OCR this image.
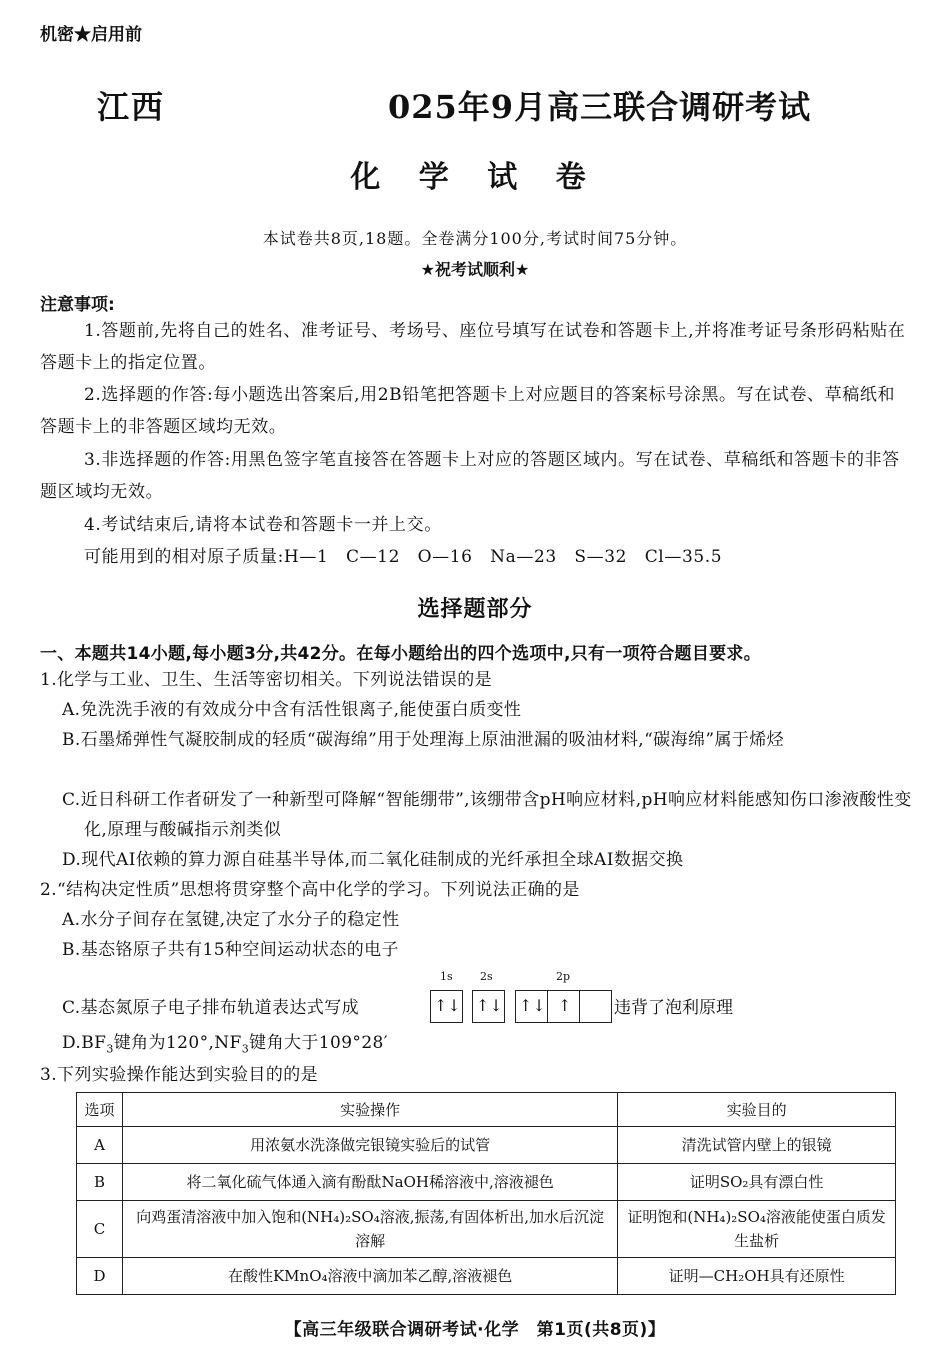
机密★启用前
江西	025年9月高三联合调研考试
化 学 试 卷
本试卷共8页,18题。全卷满分100分,考试时间75分钟。
★祝考试顺利★
注意事项:
1.答题前,先将自己的姓名、准考证号、考场号、座位号填写在试卷和答题卡上,并将准考证号条形码粘贴在答题卡上的指定位置。
2.选择题的作答:每小题选出答案后,用2B铅笔把答题卡上对应题目的答案标号涂黑。写在试卷、草稿纸和答题卡上的非答题区域均无效。
3.非选择题的作答:用黑色签字笔直接答在答题卡上对应的答题区域内。写在试卷、草稿纸和答题卡的非答题区域均无效。
4.考试结束后,请将本试卷和答题卡一并上交。
可能用到的相对原子质量:H—1　C—12　O—16　Na—23　S—32　Cl—35.5
选择题部分
一、本题共14小题,每小题3分,共42分。在每小题给出的四个选项中,只有一项符合题目要求。
1.化学与工业、卫生、生活等密切相关。下列说法错误的是
A.免洗洗手液的有效成分中含有活性银离子,能使蛋白质变性
B.石墨烯弹性气凝胶制成的轻质“碳海绵”用于处理海上原油泄漏的吸油材料,“碳海绵”属于烯烃
C.近日科研工作者研发了一种新型可降解“智能绷带”,该绷带含pH响应材料,pH响应材料能感知伤口渗液酸性变化,原理与酸碱指示剂类似
D.现代AI依赖的算力源自硅基半导体,而二氧化硅制成的光纤承担全球AI数据交换
2.“结构决定性质”思想将贯穿整个高中化学的学习。下列说法正确的是
A.水分子间存在氢键,决定了水分子的稳定性
B.基态铬原子共有15种空间运动状态的电子
1s 2s	2p
C.基态氮原子电子排布轨道表达式写成	↑↓ ↑↓ ↑↓ ↑	违背了泡利原理
$D.BF_3$键角为$120^\circ,NF_3$键角大于109°28′
3.下列实验操作能达到实验目的的是
选项	实验操作	实验目的
A	用浓氨水洗涤做完银镜实验后的试管	清洗试管内壁上的银镜
B	将二氧化硫气体通入滴有酚酞NaOH稀溶液中,溶液褪色	证明SO₂具有漂白性
C	向鸡蛋清溶液中加入饱和(NH₄)₂SO₄溶液,振荡,有固体析出,加水后沉淀溶解	证明饱和(NH₄)₂SO₄溶液能使蛋白质发生盐析
D	在酸性KMnO₄溶液中滴加苯乙醇,溶液褪色	证明—CH₂OH具有还原性
【高三年级联合调研考试·化学　第1页(共8页)】
